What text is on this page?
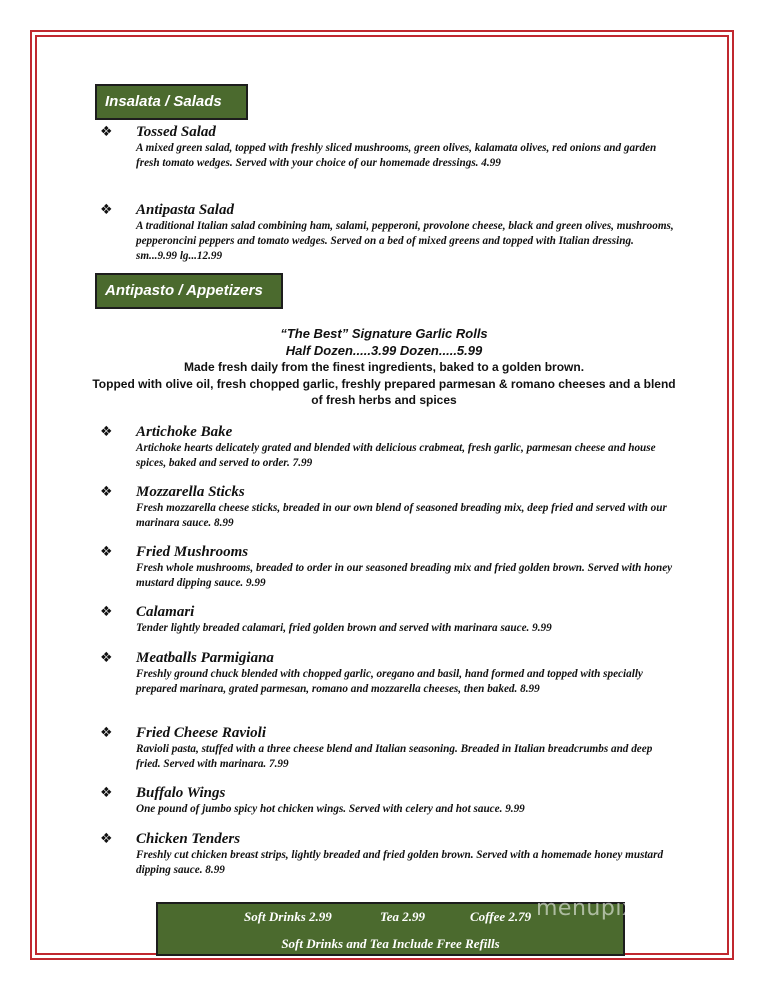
Insalata / Salads
❖ Tossed Salad
A mixed green salad, topped with freshly sliced mushrooms, green olives, kalamata olives, red onions and garden fresh tomato wedges. Served with your choice of our homemade dressings. 4.99
❖ Antipasta Salad
A traditional Italian salad combining ham, salami, pepperoni, provolone cheese, black and green olives, mushrooms, pepperoncini peppers and tomato wedges. Served on a bed of mixed greens and topped with Italian dressing. sm...9.99 lg...12.99
Antipasto / Appetizers
“The Best” Signature Garlic Rolls
Half Dozen.....3.99 Dozen.....5.99
Made fresh daily from the finest ingredients, baked to a golden brown.
Topped with olive oil, fresh chopped garlic, freshly prepared parmesan & romano cheeses and a blend
of fresh herbs and spices
❖ Artichoke Bake
Artichoke hearts delicately grated and blended with delicious crabmeat, fresh garlic, parmesan cheese and house spices, baked and served to order. 7.99
❖ Mozzarella Sticks
Fresh mozzarella cheese sticks, breaded in our own blend of seasoned breading mix, deep fried and served with our marinara sauce. 8.99
❖ Fried Mushrooms
Fresh whole mushrooms, breaded to order in our seasoned breading mix and fried golden brown. Served with honey mustard dipping sauce. 9.99
❖ Calamari
Tender lightly breaded calamari, fried golden brown and served with marinara sauce. 9.99
❖ Meatballs Parmigiana
Freshly ground chuck blended with chopped garlic, oregano and basil, hand formed and topped with specially prepared marinara, grated parmesan, romano and mozzarella cheeses, then baked. 8.99
❖ Fried Cheese Ravioli
Ravioli pasta, stuffed with a three cheese blend and Italian seasoning. Breaded in Italian breadcrumbs and deep fried. Served with marinara. 7.99
❖ Buffalo Wings
One pound of jumbo spicy hot chicken wings. Served with celery and hot sauce. 9.99
❖ Chicken Tenders
Freshly cut chicken breast strips, lightly breaded and fried golden brown. Served with a homemade honey mustard dipping sauce. 8.99
Soft Drinks 2.99	Tea 2.99	Coffee 2.79
Soft Drinks and Tea Include Free Refills
menupix
